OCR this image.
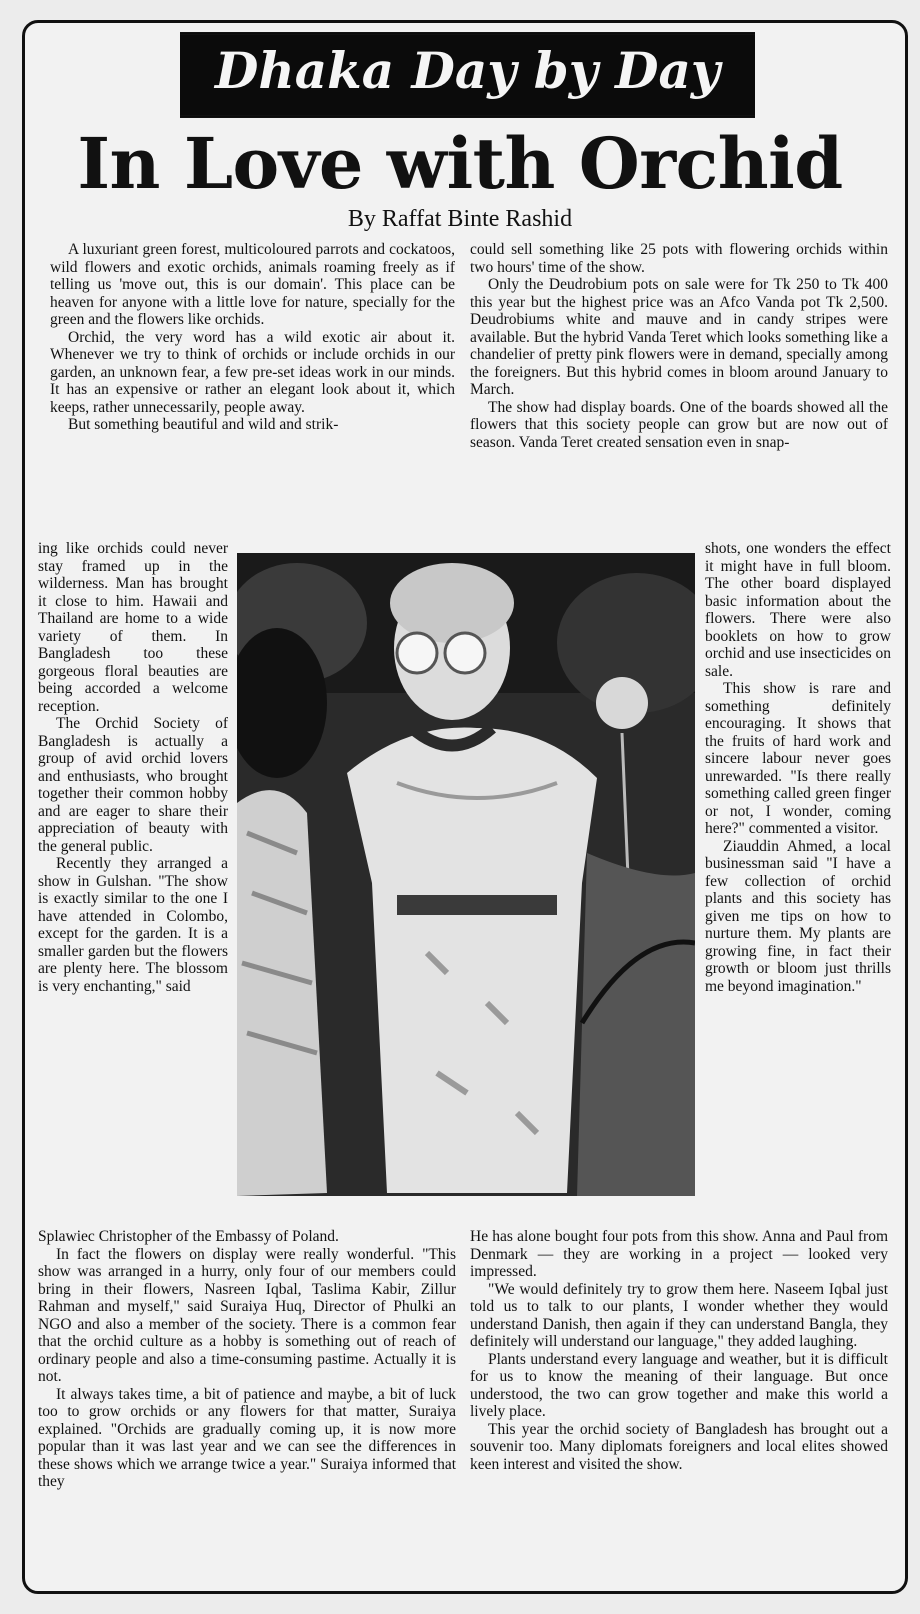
Dhaka Day by Day
In Love with Orchid
By Raffat Binte Rashid

A luxuriant green forest, multicoloured parrots and cockatoos, wild flowers and exotic orchids, animals roaming freely as if telling us 'move out, this is our domain'. This place can be heaven for anyone with a little love for nature, specially for the green and the flowers like orchids.

Orchid, the very word has a wild exotic air about it. Whenever we try to think of orchids or include orchids in our garden, an unknown fear, a few pre-set ideas work in our minds. It has an expensive or rather an elegant look about it, which keeps, rather unnecessarily, people away.

But something beautiful and wild and strik-

could sell something like 25 pots with flowering orchids within two hours' time of the show.

Only the Deudrobium pots on sale were for Tk 250 to Tk 400 this year but the highest price was an Afco Vanda pot Tk 2,500. Deudrobiums white and mauve and in candy stripes were available. But the hybrid Vanda Teret which looks something like a chandelier of pretty pink flowers were in demand, specially among the foreigners. But this hybrid comes in bloom around January to March.

The show had display boards. One of the boards showed all the flowers that this society people can grow but are now out of season. Vanda Teret created sensation even in snap-

ing like orchids could never stay framed up in the wilderness. Man has brought it close to him. Hawaii and Thailand are home to a wide variety of them. In Bangladesh too these gorgeous floral beauties are being accorded a welcome reception.

The Orchid Society of Bangladesh is actually a group of avid orchid lovers and enthusiasts, who brought together their common hobby and are eager to share their appreciation of beauty with the general public.

Recently they arranged a show in Gulshan. "The show is exactly similar to the one I have attended in Colombo, except for the garden. It is a smaller garden but the flowers are plenty here. The blossom is very enchanting," said

shots, one wonders the effect it might have in full bloom. The other board displayed basic information about the flowers. There were also booklets on how to grow orchid and use insecticides on sale.

This show is rare and something definitely encouraging. It shows that the fruits of hard work and sincere labour never goes unrewarded. "Is there really something called green finger or not, I wonder, coming here?" commented a visitor.

Ziauddin Ahmed, a local businessman said "I have a few collection of orchid plants and this society has given me tips on how to nurture them. My plants are growing fine, in fact their growth or bloom just thrills me beyond imagination."

Splawiec Christopher of the Embassy of Poland.

In fact the flowers on display were really wonderful. "This show was arranged in a hurry, only four of our members could bring in their flowers, Nasreen Iqbal, Taslima Kabir, Zillur Rahman and myself," said Suraiya Huq, Director of Phulki an NGO and also a member of the society. There is a common fear that the orchid culture as a hobby is something out of reach of ordinary people and also a time-consuming pastime. Actually it is not.

It always takes time, a bit of patience and maybe, a bit of luck too to grow orchids or any flowers for that matter, Suraiya explained. "Orchids are gradually coming up, it is now more popular than it was last year and we can see the differences in these shows which we arrange twice a year." Suraiya informed that they

He has alone bought four pots from this show. Anna and Paul from Denmark — they are working in a project — looked very impressed.

"We would definitely try to grow them here. Naseem Iqbal just told us to talk to our plants, I wonder whether they would understand Danish, then again if they can understand Bangla, they definitely will understand our language," they added laughing.

Plants understand every language and weather, but it is difficult for us to know the meaning of their language. But once understood, the two can grow together and make this world a lively place.

This year the orchid society of Bangladesh has brought out a souvenir too. Many diplomats foreigners and local elites showed keen interest and visited the show.
